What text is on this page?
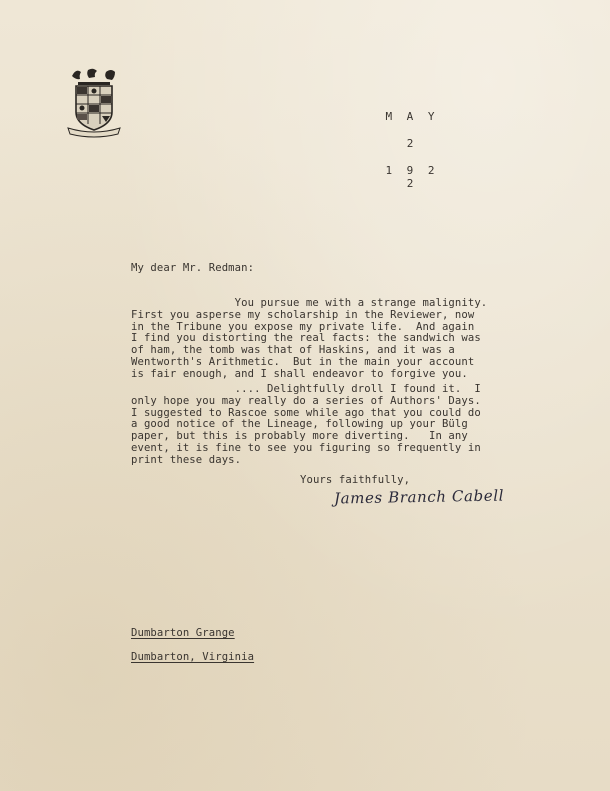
M A Y
2
1 9 2 2
My dear Mr. Redman:
You pursue me with a strange malignity.
First you asperse my scholarship in the Reviewer, now
in the Tribune you expose my private life.  And again
I find you distorting the real facts: the sandwich was
of ham, the tomb was that of Haskins, and it was a
Wentworth's Arithmetic.  But in the main your account
is fair enough, and I shall endeavor to forgive you.
.... Delightfully droll I found it.  I
only hope you may really do a series of Authors' Days.
I suggested to Rascoe some while ago that you could do
a good notice of the Lineage, following up your Bülg
paper, but this is probably more diverting.   In any
event, it is fine to see you figuring so frequently in
print these days.
Yours faithfully,
James Branch Cabell
Dumbarton Grange
Dumbarton, Virginia
